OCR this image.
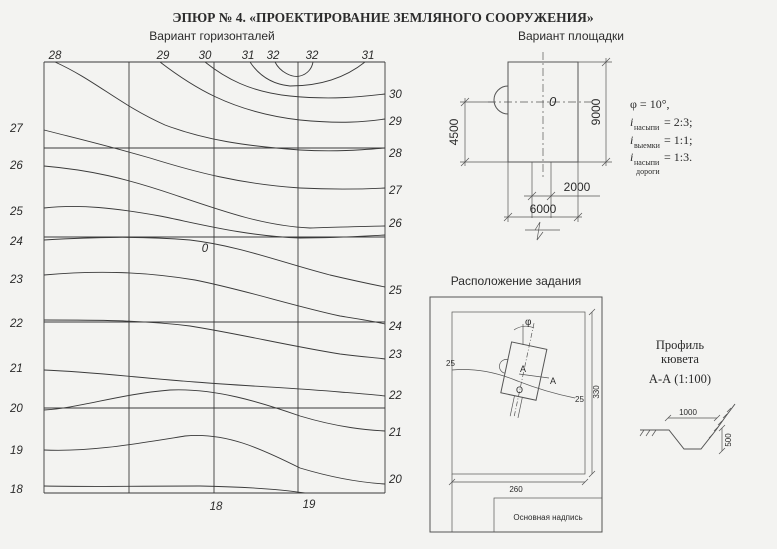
ЭПЮР № 4. «ПРОЕКТИРОВАНИЕ ЗЕМЛЯНОГО СООРУЖЕНИЯ»
Вариант горизонталей
28	29	30	31 32 32	31
27
26
25
24
23
22
21
20
19
18
30
29
28
27
26
25
24
23
22
21
20
18	19
0
Вариант площадки
0	9000
4500
2000
6000
φ = 10°,
i насыпи = 2:3;
i выемки = 1:1;
i насыпи
дороги
= 1:3.
Расположение задания
Основная надпись
260
330
25
25
φ
A
A
O
Профиль
кювета
А-А (1:100)
1000
500
